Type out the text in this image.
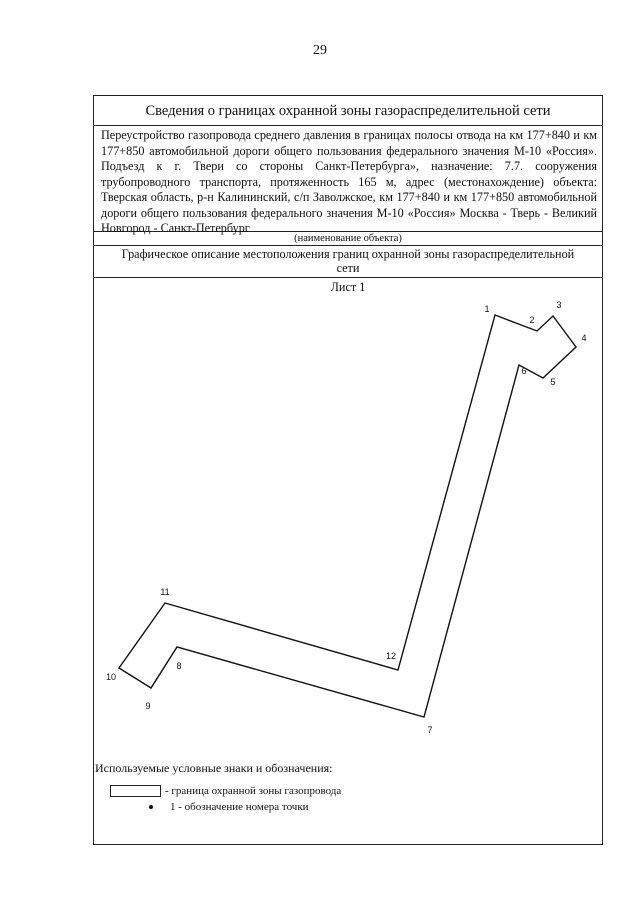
29
Сведения о границах охранной зоны газораспределительной сети
Переустройство газопровода среднего давления в границах полосы отвода на км 177+840 и км 177+850 автомобильной дороги общего пользования федерального значения М-10 «Россия». Подъезд к г. Твери со стороны Санкт-Петербурга», назначение: 7.7. сооружения трубопроводного транспорта, протяженность 165 м, адрес (местонахождение) объекта: Тверская область, р-н Калининский, с/п Заволжское, км 177+840 и км 177+850 автомобильной дороги общего пользования федерального значения М-10 «Россия» Москва - Тверь - Великий Новгород - Санкт-Петербург
(наименование объекта)
Графическое описание местоположения границ охранной зоны газораспределительной сети
Лист 1
1
2
3
4
5
6
7
8
9
10
11
12
Используемые условные знаки и обозначения:
- граница охранной зоны газопровода
1 - обозначение номера точки
